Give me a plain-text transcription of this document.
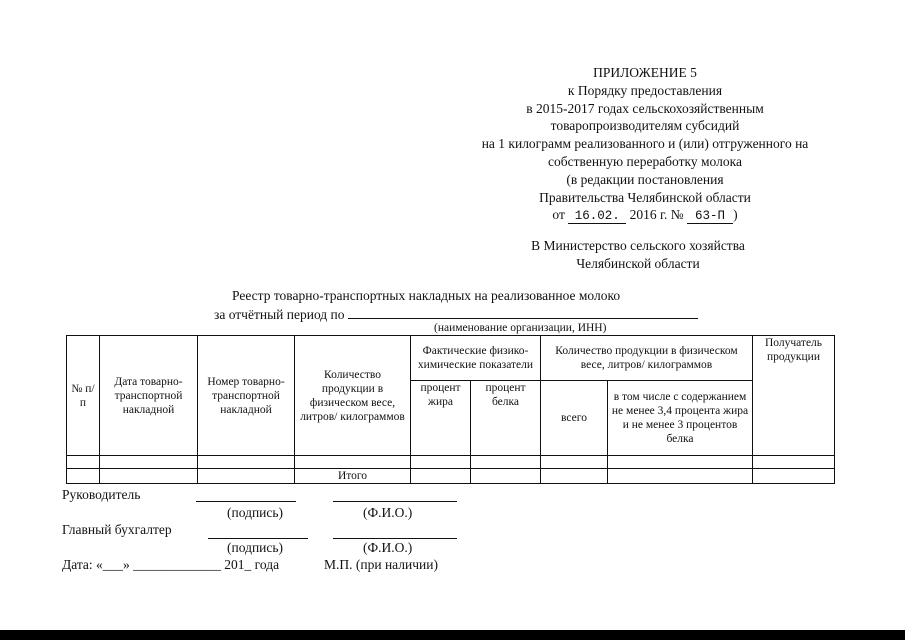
ПРИЛОЖЕНИЕ 5
к Порядку предоставления
в 2015-2017 годах сельскохозяйственным
товаропроизводителям субсидий
на 1 килограмм реализованного и (или) отгруженного на
собственную переработку молока
(в редакции постановления
Правительства Челябинской области
от 16.02. 2016 г. № 63-П )
В Министерство сельского хозяйства
Челябинской области
Реестр товарно-транспортных накладных на реализованное молоко
за отчётный период по
(наименование организации, ИНН)
№ п/п	Дата товарно-транспортной накладной	Номер товарно-транспортной накладной	Количество продукции в физическом весе, литров/ килограммов	Фактические физико-химические показатели		Количество продукции в физическом весе, литров/ килограммов		Получатель продукции
				процент жира	процент белка	всего	в том числе с содержанием не менее 3,4 процента жира и не менее 3 процентов белка	

			Итого					
Руководитель
(подпись)	(Ф.И.О.)
Главный бухгалтер
(подпись)	(Ф.И.О.)
Дата: «___» _____________ 201_ года	М.П. (при наличии)
